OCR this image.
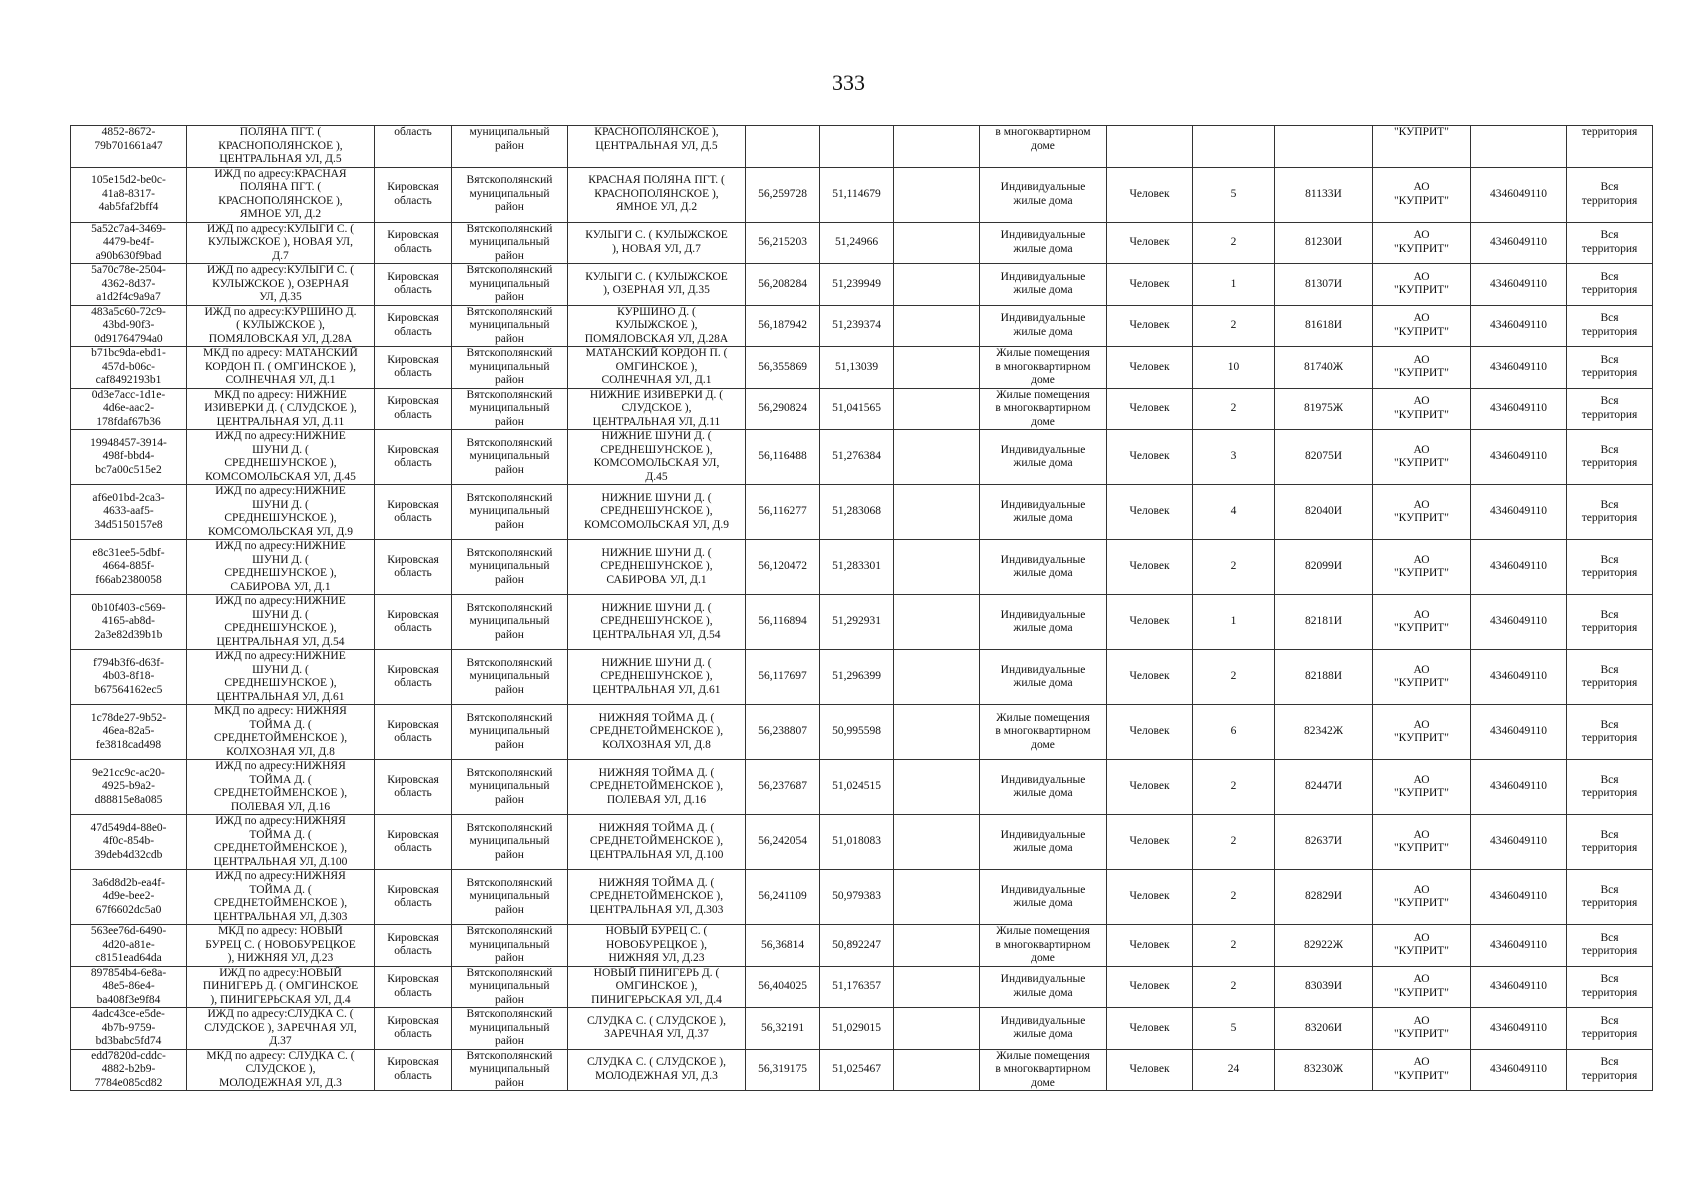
333
4852-8672-
79b701661a47	ПОЛЯНА ПГТ. (
КРАСНОПОЛЯНСКОЕ ),
ЦЕНТРАЛЬНАЯ УЛ, Д.5	область	муниципальный
район	КРАСНОПОЛЯНСКОЕ ),
ЦЕНТРАЛЬНАЯ УЛ, Д.5				в многоквартирном
доме				"КУПРИТ"		территория
105e15d2-be0c-
41a8-8317-
4ab5faf2bff4	ИЖД по адресу:КРАСНАЯ
ПОЛЯНА ПГТ. (
КРАСНОПОЛЯНСКОЕ ),
ЯМНОЕ УЛ, Д.2	Кировская
область	Вятскополянский
муниципальный
район	КРАСНАЯ ПОЛЯНА ПГТ. (
КРАСНОПОЛЯНСКОЕ ),
ЯМНОЕ УЛ, Д.2	56,259728	51,114679		Индивидуальные
жилые дома	Человек	5	81133И	АО
"КУПРИТ"	4346049110	Вся
территория
5a52c7a4-3469-
4479-be4f-
a90b630f9bad	ИЖД по адресу:КУЛЫГИ С. (
КУЛЫЖСКОЕ ), НОВАЯ УЛ,
Д.7	Кировская
область	Вятскополянский
муниципальный
район	КУЛЫГИ С. ( КУЛЫЖСКОЕ
), НОВАЯ УЛ, Д.7	56,215203	51,24966		Индивидуальные
жилые дома	Человек	2	81230И	АО
"КУПРИТ"	4346049110	Вся
территория
5a70c78e-2504-
4362-8d37-
a1d2f4c9a9a7	ИЖД по адресу:КУЛЫГИ С. (
КУЛЫЖСКОЕ ), ОЗЕРНАЯ
УЛ, Д.35	Кировская
область	Вятскополянский
муниципальный
район	КУЛЫГИ С. ( КУЛЫЖСКОЕ
), ОЗЕРНАЯ УЛ, Д.35	56,208284	51,239949		Индивидуальные
жилые дома	Человек	1	81307И	АО
"КУПРИТ"	4346049110	Вся
территория
483a5c60-72c9-
43bd-90f3-
0d91764794a0	ИЖД по адресу:КУРШИНО Д.
( КУЛЫЖСКОЕ ),
ПОМЯЛОВСКАЯ УЛ, Д.28А	Кировская
область	Вятскополянский
муниципальный
район	КУРШИНО Д. (
КУЛЫЖСКОЕ ),
ПОМЯЛОВСКАЯ УЛ, Д.28А	56,187942	51,239374		Индивидуальные
жилые дома	Человек	2	81618И	АО
"КУПРИТ"	4346049110	Вся
территория
b71bc9da-ebd1-
457d-b06c-
caf8492193b1	МКД по адресу: МАТАНСКИЙ
КОРДОН П. ( ОМГИНСКОЕ ),
СОЛНЕЧНАЯ УЛ, Д.1	Кировская
область	Вятскополянский
муниципальный
район	МАТАНСКИЙ КОРДОН П. (
ОМГИНСКОЕ ),
СОЛНЕЧНАЯ УЛ, Д.1	56,355869	51,13039		Жилые помещения
в многоквартирном
доме	Человек	10	81740Ж	АО
"КУПРИТ"	4346049110	Вся
территория
0d3e7acc-1d1e-
4d6e-aac2-
178fdaf67b36	МКД по адресу: НИЖНИЕ
ИЗИВЕРКИ Д. ( СЛУДСКОЕ ),
ЦЕНТРАЛЬНАЯ УЛ, Д.11	Кировская
область	Вятскополянский
муниципальный
район	НИЖНИЕ ИЗИВЕРКИ Д. (
СЛУДСКОЕ ),
ЦЕНТРАЛЬНАЯ УЛ, Д.11	56,290824	51,041565		Жилые помещения
в многоквартирном
доме	Человек	2	81975Ж	АО
"КУПРИТ"	4346049110	Вся
территория
19948457-3914-
498f-bbd4-
bc7a00c515e2	ИЖД по адресу:НИЖНИЕ
ШУНИ Д. (
СРЕДНЕШУНСКОЕ ),
КОМСОМОЛЬСКАЯ УЛ, Д.45	Кировская
область	Вятскополянский
муниципальный
район	НИЖНИЕ ШУНИ Д. (
СРЕДНЕШУНСКОЕ ),
КОМСОМОЛЬСКАЯ УЛ,
Д.45	56,116488	51,276384		Индивидуальные
жилые дома	Человек	3	82075И	АО
"КУПРИТ"	4346049110	Вся
территория
af6e01bd-2ca3-
4633-aaf5-
34d5150157e8	ИЖД по адресу:НИЖНИЕ
ШУНИ Д. (
СРЕДНЕШУНСКОЕ ),
КОМСОМОЛЬСКАЯ УЛ, Д.9	Кировская
область	Вятскополянский
муниципальный
район	НИЖНИЕ ШУНИ Д. (
СРЕДНЕШУНСКОЕ ),
КОМСОМОЛЬСКАЯ УЛ, Д.9	56,116277	51,283068		Индивидуальные
жилые дома	Человек	4	82040И	АО
"КУПРИТ"	4346049110	Вся
территория
e8c31ee5-5dbf-
4664-885f-
f66ab2380058	ИЖД по адресу:НИЖНИЕ
ШУНИ Д. (
СРЕДНЕШУНСКОЕ ),
САБИРОВА УЛ, Д.1	Кировская
область	Вятскополянский
муниципальный
район	НИЖНИЕ ШУНИ Д. (
СРЕДНЕШУНСКОЕ ),
САБИРОВА УЛ, Д.1	56,120472	51,283301		Индивидуальные
жилые дома	Человек	2	82099И	АО
"КУПРИТ"	4346049110	Вся
территория
0b10f403-c569-
4165-ab8d-
2a3e82d39b1b	ИЖД по адресу:НИЖНИЕ
ШУНИ Д. (
СРЕДНЕШУНСКОЕ ),
ЦЕНТРАЛЬНАЯ УЛ, Д.54	Кировская
область	Вятскополянский
муниципальный
район	НИЖНИЕ ШУНИ Д. (
СРЕДНЕШУНСКОЕ ),
ЦЕНТРАЛЬНАЯ УЛ, Д.54	56,116894	51,292931		Индивидуальные
жилые дома	Человек	1	82181И	АО
"КУПРИТ"	4346049110	Вся
территория
f794b3f6-d63f-
4b03-8f18-
b67564162ec5	ИЖД по адресу:НИЖНИЕ
ШУНИ Д. (
СРЕДНЕШУНСКОЕ ),
ЦЕНТРАЛЬНАЯ УЛ, Д.61	Кировская
область	Вятскополянский
муниципальный
район	НИЖНИЕ ШУНИ Д. (
СРЕДНЕШУНСКОЕ ),
ЦЕНТРАЛЬНАЯ УЛ, Д.61	56,117697	51,296399		Индивидуальные
жилые дома	Человек	2	82188И	АО
"КУПРИТ"	4346049110	Вся
территория
1c78de27-9b52-
46ea-82a5-
fe3818cad498	МКД по адресу: НИЖНЯЯ
ТОЙМА Д. (
СРЕДНЕТОЙМЕНСКОЕ ),
КОЛХОЗНАЯ УЛ, Д.8	Кировская
область	Вятскополянский
муниципальный
район	НИЖНЯЯ ТОЙМА Д. (
СРЕДНЕТОЙМЕНСКОЕ ),
КОЛХОЗНАЯ УЛ, Д.8	56,238807	50,995598		Жилые помещения
в многоквартирном
доме	Человек	6	82342Ж	АО
"КУПРИТ"	4346049110	Вся
территория
9e21cc9c-ac20-
4925-b9a2-
d88815e8a085	ИЖД по адресу:НИЖНЯЯ
ТОЙМА Д. (
СРЕДНЕТОЙМЕНСКОЕ ),
ПОЛЕВАЯ УЛ, Д.16	Кировская
область	Вятскополянский
муниципальный
район	НИЖНЯЯ ТОЙМА Д. (
СРЕДНЕТОЙМЕНСКОЕ ),
ПОЛЕВАЯ УЛ, Д.16	56,237687	51,024515		Индивидуальные
жилые дома	Человек	2	82447И	АО
"КУПРИТ"	4346049110	Вся
территория
47d549d4-88e0-
4f0c-854b-
39deb4d32cdb	ИЖД по адресу:НИЖНЯЯ
ТОЙМА Д. (
СРЕДНЕТОЙМЕНСКОЕ ),
ЦЕНТРАЛЬНАЯ УЛ, Д.100	Кировская
область	Вятскополянский
муниципальный
район	НИЖНЯЯ ТОЙМА Д. (
СРЕДНЕТОЙМЕНСКОЕ ),
ЦЕНТРАЛЬНАЯ УЛ, Д.100	56,242054	51,018083		Индивидуальные
жилые дома	Человек	2	82637И	АО
"КУПРИТ"	4346049110	Вся
территория
3a6d8d2b-ea4f-
4d9e-bee2-
67f6602dc5a0	ИЖД по адресу:НИЖНЯЯ
ТОЙМА Д. (
СРЕДНЕТОЙМЕНСКОЕ ),
ЦЕНТРАЛЬНАЯ УЛ, Д.303	Кировская
область	Вятскополянский
муниципальный
район	НИЖНЯЯ ТОЙМА Д. (
СРЕДНЕТОЙМЕНСКОЕ ),
ЦЕНТРАЛЬНАЯ УЛ, Д.303	56,241109	50,979383		Индивидуальные
жилые дома	Человек	2	82829И	АО
"КУПРИТ"	4346049110	Вся
территория
563ee76d-6490-
4d20-a81e-
c8151ead64da	МКД по адресу: НОВЫЙ
БУРЕЦ С. ( НОВОБУРЕЦКОЕ
), НИЖНЯЯ УЛ, Д.23	Кировская
область	Вятскополянский
муниципальный
район	НОВЫЙ БУРЕЦ С. (
НОВОБУРЕЦКОЕ ),
НИЖНЯЯ УЛ, Д.23	56,36814	50,892247		Жилые помещения
в многоквартирном
доме	Человек	2	82922Ж	АО
"КУПРИТ"	4346049110	Вся
территория
897854b4-6e8a-
48e5-86e4-
ba408f3e9f84	ИЖД по адресу:НОВЫЙ
ПИНИГЕРЬ Д. ( ОМГИНСКОЕ
), ПИНИГЕРЬСКАЯ УЛ, Д.4	Кировская
область	Вятскополянский
муниципальный
район	НОВЫЙ ПИНИГЕРЬ Д. (
ОМГИНСКОЕ ),
ПИНИГЕРЬСКАЯ УЛ, Д.4	56,404025	51,176357		Индивидуальные
жилые дома	Человек	2	83039И	АО
"КУПРИТ"	4346049110	Вся
территория
4adc43ce-e5de-
4b7b-9759-
bd3babc5fd74	ИЖД по адресу:СЛУДКА С. (
СЛУДСКОЕ ), ЗАРЕЧНАЯ УЛ,
Д.37	Кировская
область	Вятскополянский
муниципальный
район	СЛУДКА С. ( СЛУДСКОЕ ),
ЗАРЕЧНАЯ УЛ, Д.37	56,32191	51,029015		Индивидуальные
жилые дома	Человек	5	83206И	АО
"КУПРИТ"	4346049110	Вся
территория
edd7820d-cddc-
4882-b2b9-
7784e085cd82	МКД по адресу: СЛУДКА С. (
СЛУДСКОЕ ),
МОЛОДЕЖНАЯ УЛ, Д.3	Кировская
область	Вятскополянский
муниципальный
район	СЛУДКА С. ( СЛУДСКОЕ ),
МОЛОДЕЖНАЯ УЛ, Д.3	56,319175	51,025467		Жилые помещения
в многоквартирном
доме	Человек	24	83230Ж	АО
"КУПРИТ"	4346049110	Вся
территория
